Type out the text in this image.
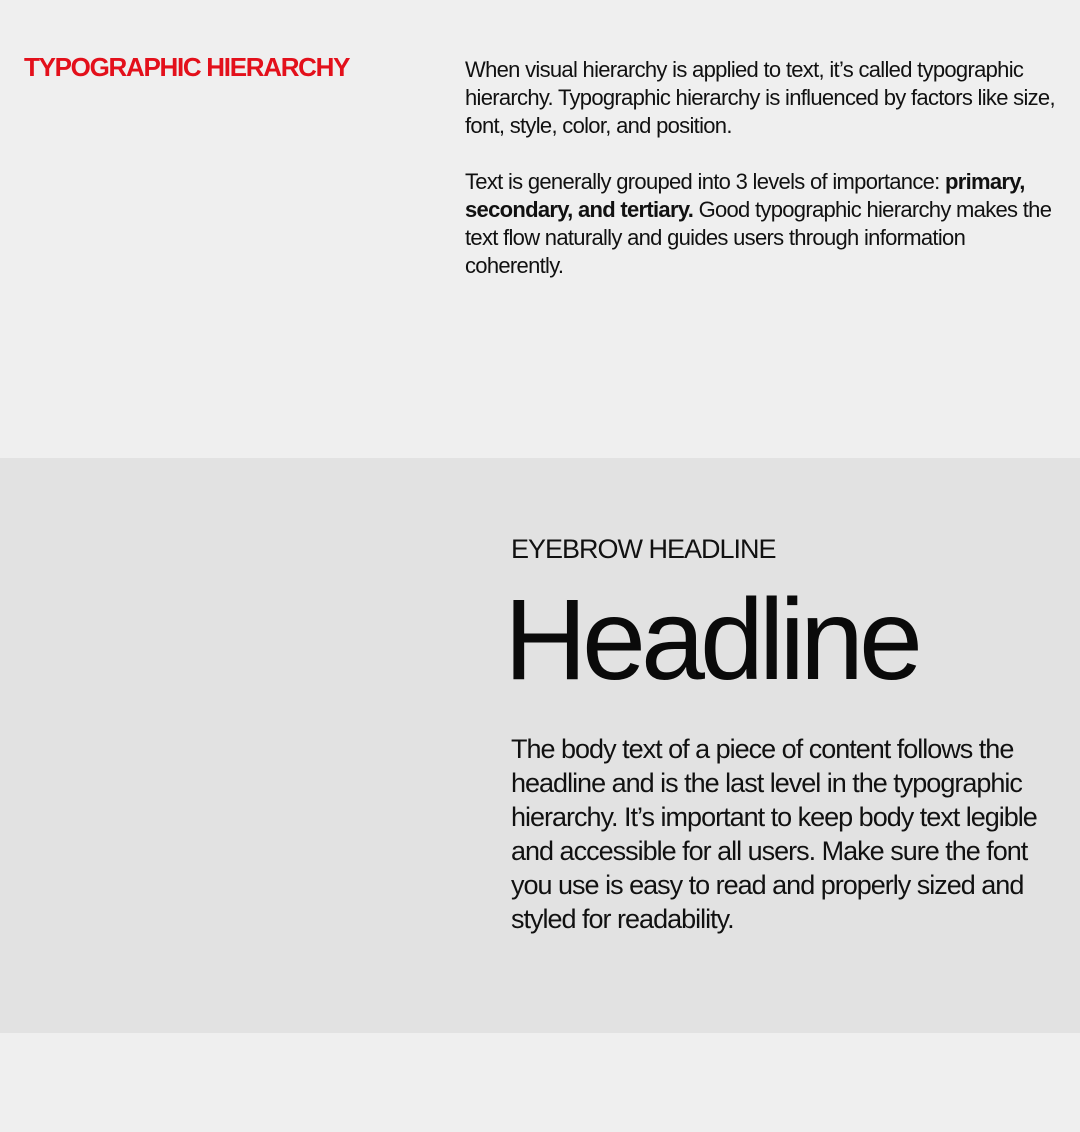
TYPOGRAPHIC HIERARCHY	When visual hierarchy is applied to text, it’s called typographic hierarchy. Typographic hierarchy is influenced by factors like size, font, style, color, and position.

Text is generally grouped into 3 levels of importance: primary, secondary, and tertiary. Good typographic hierarchy makes the text flow naturally and guides users through information coherently.

EYEBROW HEADLINE
Headline

The body text of a piece of content follows the headline and is the last level in the typographic hierarchy. It’s important to keep body text legible and accessible for all users. Make sure the font you use is easy to read and properly sized and styled for readability.
